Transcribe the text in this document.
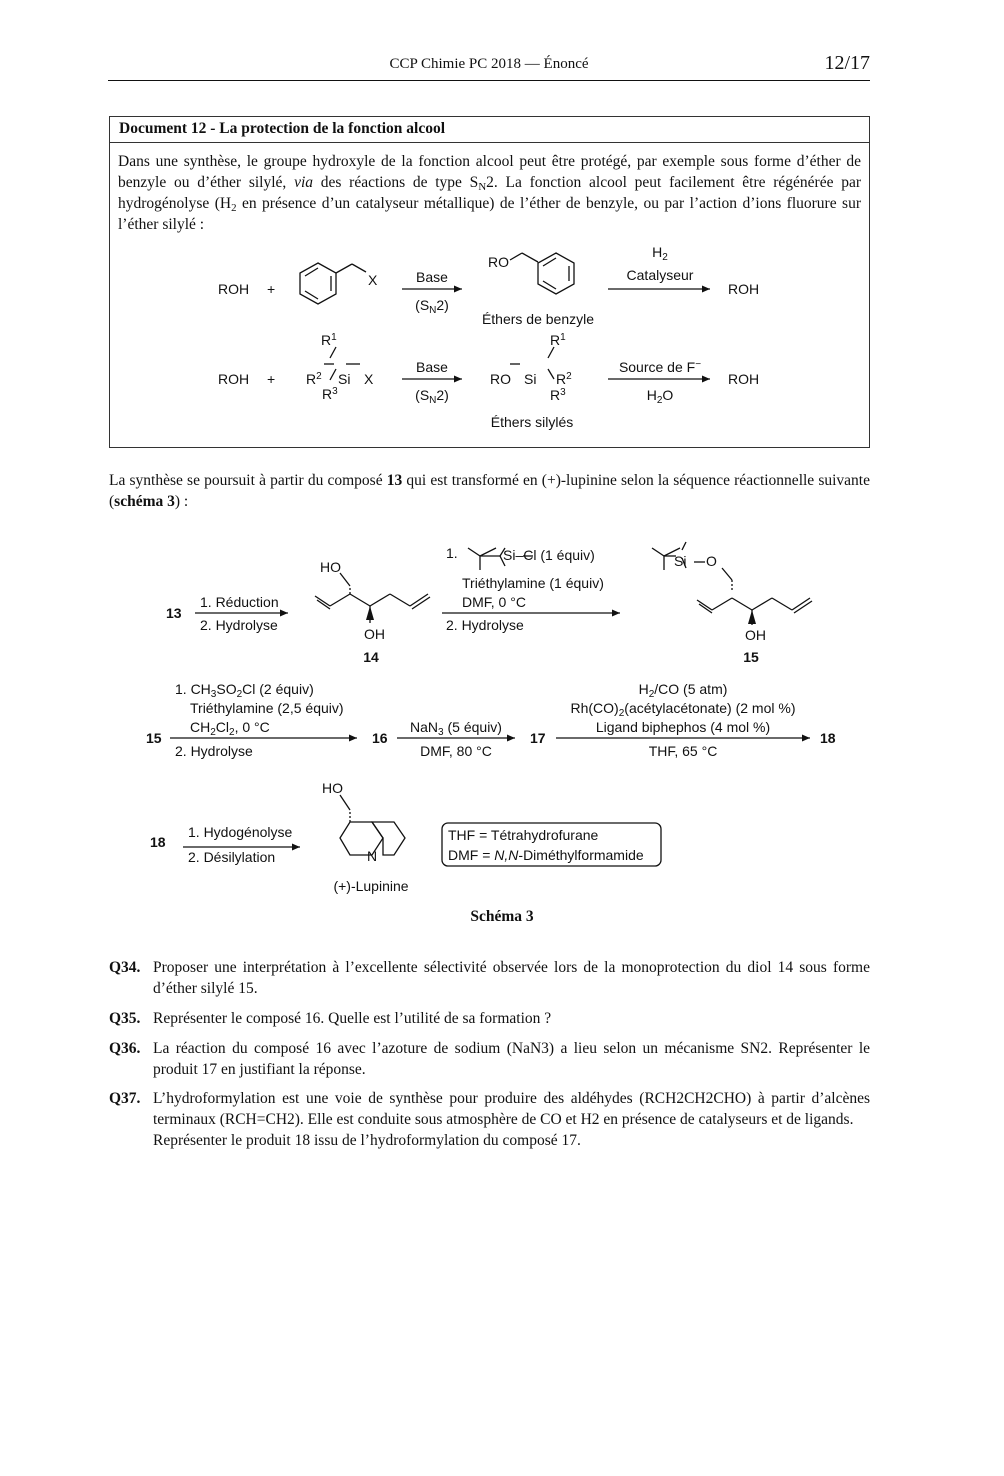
CCP Chimie PC 2018 — Énoncé	12/17
Document 12 - La protection de la fonction alcool
Dans une synthèse, le groupe hydroxyle de la fonction alcool peut être protégé, par exemple sous forme d’éther de benzyle ou d’éther silylé, via des réactions de type $S_N2$. La fonction alcool peut facilement être régénérée par hydrogénolyse ($H_2$ en présence d’un catalyseur métallique) de l’éther de benzyle, ou par l’action d’ions fluorure sur l’éther silylé :
ROH +
X	Base
$(S_N2)$
RO
Éthers de benzyle
$H_2$
Catalyseur
ROH
ROH +
$R^1$
$R^2$ Si X
$R^3$
Base
$(S_N2)$
$R^1$
RO Si $R^2$
$R^3$
Éthers silylés
Source de F−
$H_2O$
ROH
La synthèse se poursuit à partir du composé 13 qui est transformé en (+)-lupinine selon la séquence réactionnelle suivante (schéma 3) :
13
1. Réduction
2. Hydrolyse
HO
OH
14
1.	Si–Cl (1 équiv)
Triéthylamine (1 équiv)
DMF, 0 °C
2. Hydrolyse
Si O
OH
15
1. $CH_3SO_2Cl$ (2 équiv)
Triéthylamine (2,5 équiv)
$CH_2Cl_2$, 0 °C
15
2. Hydrolyse
16
NaN$_3$ (5 équiv)
DMF, 80 °C
17
$H_2/CO$ (5 atm)
$Rh(CO)_2(acétylacétonate)$ (2 mol %)
Ligand biphephos (4 mol %)
THF, 65 °C
18
18
1. Hydogénolyse
2. Désilylation
HO
N
(+)-Lupinine
THF = Tétrahydrofurane
DMF = N,N-Diméthylformamide
Schéma 3
Q34. Proposer une interprétation à l’excellente sélectivité observée lors de la monoprotection du diol 14 sous forme d’éther silylé 15.
Q35. Représenter le composé 16. Quelle est l’utilité de sa formation ?
Q36. La réaction du composé 16 avec l’azoture de sodium (NaN3) a lieu selon un mécanisme SN2. Représenter le produit 17 en justifiant la réponse.
Q37. L’hydroformylation est une voie de synthèse pour produire des aldéhydes (RCH2CH2CHO) à partir d’alcènes terminaux (RCH=CH2). Elle est conduite sous atmosphère de CO et H2 en présence de catalyseurs et de ligands.
Représenter le produit 18 issu de l’hydroformylation du composé 17.
